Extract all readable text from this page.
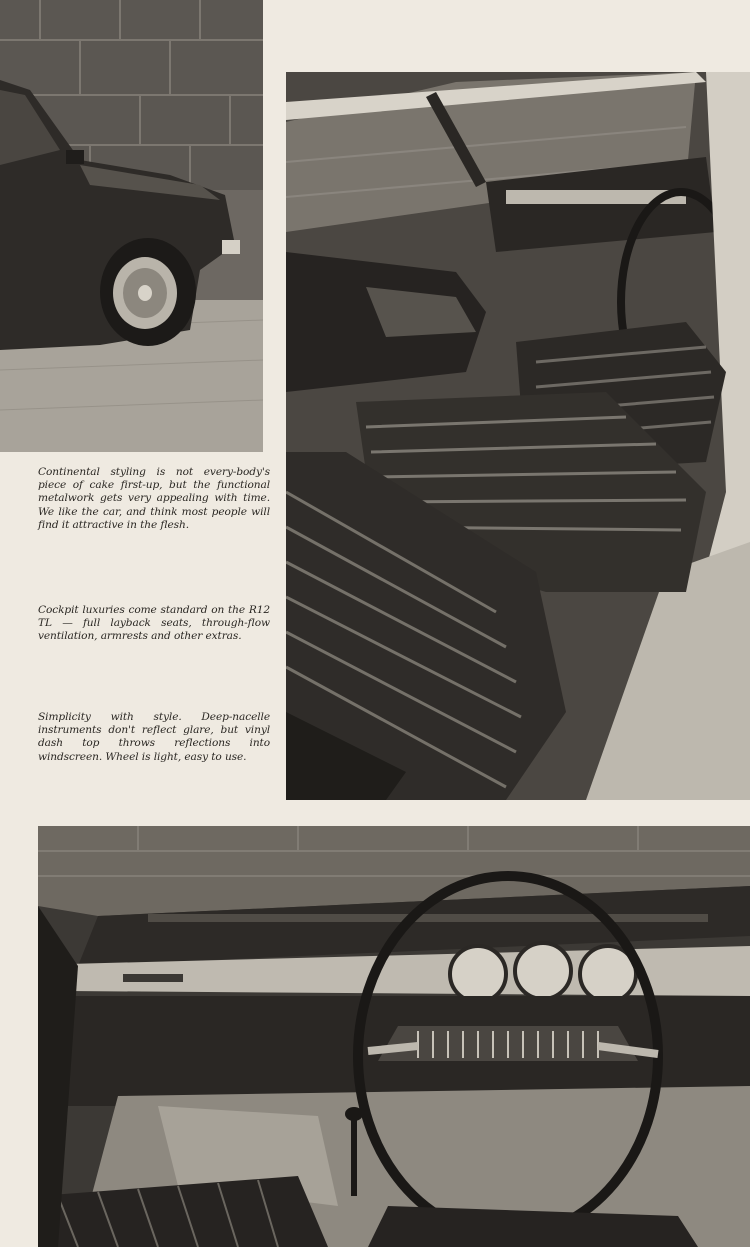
Continental styling is not every-body's piece of cake first-up, but the functional metalwork gets very appealing with time. We like the car, and think most people will find it attractive in the flesh.
Cockpit luxuries come standard on the R12 TL — full layback seats, through-flow ventilation, armrests and other extras.
Simplicity with style. Deep-nacelle instruments don't reflect glare, but vinyl dash top throws reflections into windscreen. Wheel is light, easy to use.
